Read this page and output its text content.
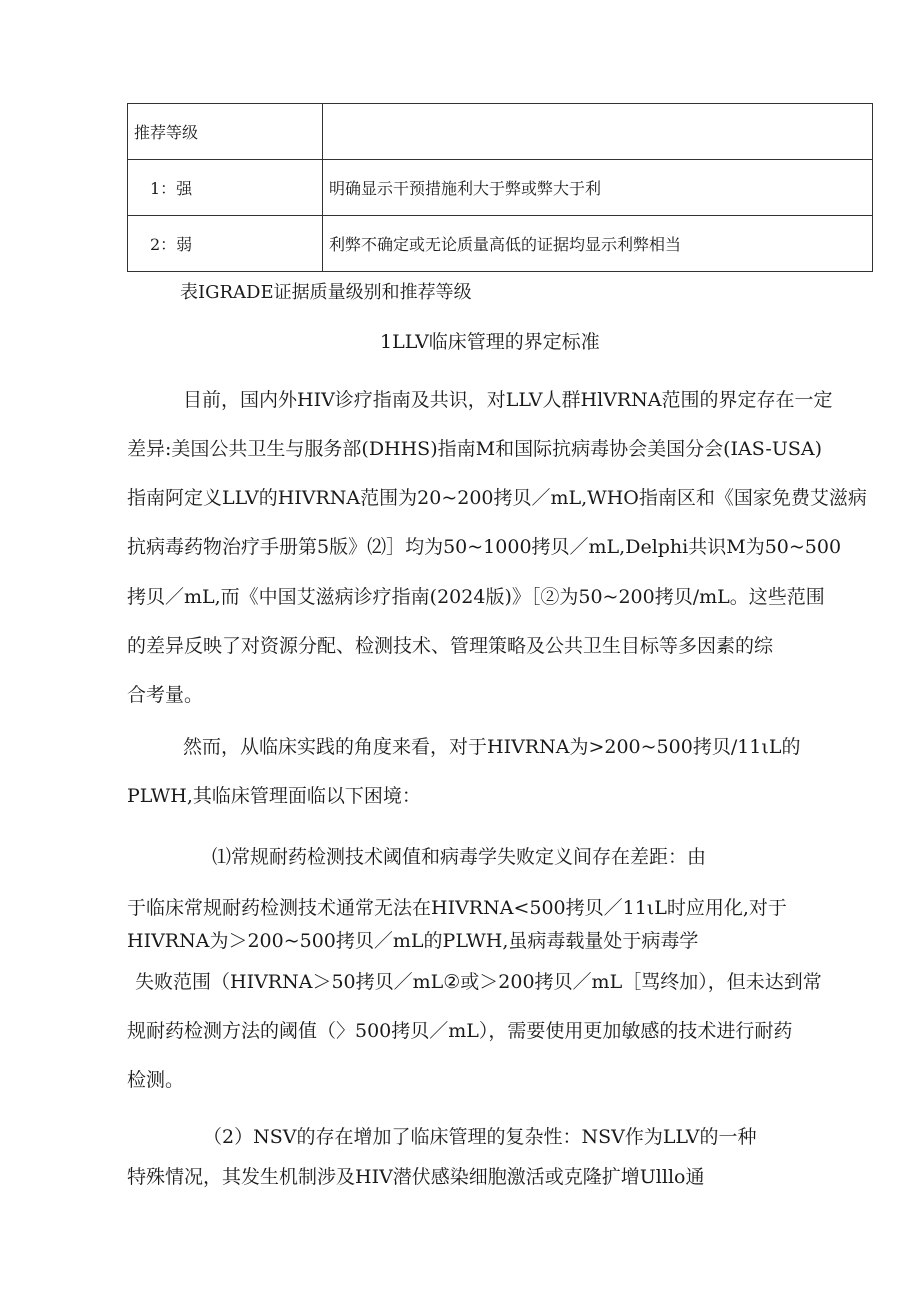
推荐等级	
1：强	明确显示干预措施利大于弊或弊大于利
2：弱	利弊不确定或无论质量高低的证据均显示利弊相当
表IGRADE证据质量级别和推荐等级
1LLV临床管理的界定标准
目前，国内外HIV诊疗指南及共识，对LLV人群HlVRNA范围的界定存在一定
差异:美国公共卫生与服务部(DHHS)指南M和国际抗病毒协会美国分会(IAS-USA)
指南阿定义LLV的HIVRNA范围为20~200拷贝／mL,WHO指南区和《国家免费艾滋病
抗病毒药物治疗手册第5版》⑵］均为50~1000拷贝／mL,Delphi共识M为50~500
拷贝／mL,而《中国艾滋病诊疗指南(2024版)》［②为50~200拷贝/mL。这些范围
的差异反映了对资源分配、检测技术、管理策略及公共卫生目标等多因素的综
合考量。
然而，从临床实践的角度来看，对于HIVRNA为>200~500拷贝/11ιL的
PLWH,其临床管理面临以下困境：
⑴常规耐药检测技术阈值和病毒学失败定义间存在差距：由
于临床常规耐药检测技术通常无法在HIVRNA<500拷贝／11ιL时应用化,对于
HIVRNA为＞200~500拷贝／mL的PLWH,虽病毒载量处于病毒学
失败范围（HIVRNA＞50拷贝／mL②或＞200拷贝／mL［骂终加），但未达到常
规耐药检测方法的阈值（〉500拷贝／mL），需要使用更加敏感的技术进行耐药
检测。
（2）NSV的存在增加了临床管理的复杂性：NSV作为LLV的一种
特殊情况，其发生机制涉及HIV潜伏感染细胞激活或克隆扩增Ulllo通
